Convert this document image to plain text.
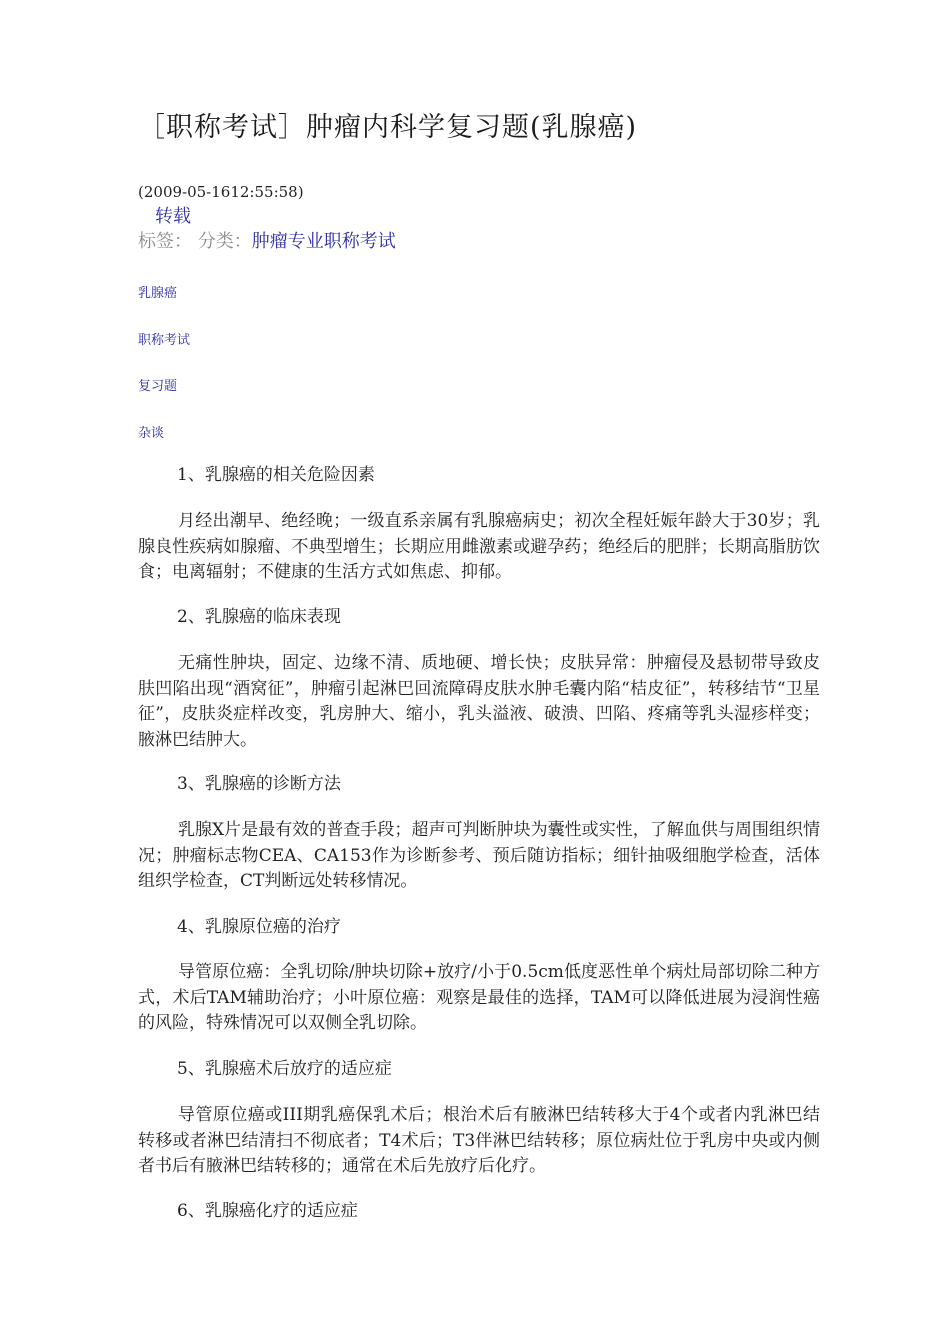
［职称考试］肿瘤内科学复习题(乳腺癌)
(2009-05-1612:55:58)
转载
标签： 分类：肿瘤专业职称考试
乳腺癌
职称考试
复习题
杂谈
1、乳腺癌的相关危险因素
月经出潮早、绝经晚；一级直系亲属有乳腺癌病史；初次全程妊娠年龄大于30岁；乳腺良性疾病如腺瘤、不典型增生；长期应用雌激素或避孕药；绝经后的肥胖；长期高脂肪饮食；电离辐射；不健康的生活方式如焦虑、抑郁。
2、乳腺癌的临床表现
无痛性肿块，固定、边缘不清、质地硬、增长快；皮肤异常：肿瘤侵及悬韧带导致皮肤凹陷出现“酒窝征”，肿瘤引起淋巴回流障碍皮肤水肿毛囊内陷“桔皮征”，转移结节“卫星征”，皮肤炎症样改变，乳房肿大、缩小，乳头溢液、破溃、凹陷、疼痛等乳头湿疹样变；腋淋巴结肿大。
3、乳腺癌的诊断方法
乳腺X片是最有效的普查手段；超声可判断肿块为囊性或实性，了解血供与周围组织情况；肿瘤标志物CEA、CA153作为诊断参考、预后随访指标；细针抽吸细胞学检查，活体组织学检查，CT判断远处转移情况。
4、乳腺原位癌的治疗
导管原位癌：全乳切除/肿块切除+放疗/小于0.5cm低度恶性单个病灶局部切除二种方式，术后TAM辅助治疗；小叶原位癌：观察是最佳的选择，TAM可以降低进展为浸润性癌的风险，特殊情况可以双侧全乳切除。
5、乳腺癌术后放疗的适应症
导管原位癌或III期乳癌保乳术后；根治术后有腋淋巴结转移大于4个或者内乳淋巴结转移或者淋巴结清扫不彻底者；T4术后；T3伴淋巴结转移；原位病灶位于乳房中央或内侧者书后有腋淋巴结转移的；通常在术后先放疗后化疗。
6、乳腺癌化疗的适应症
